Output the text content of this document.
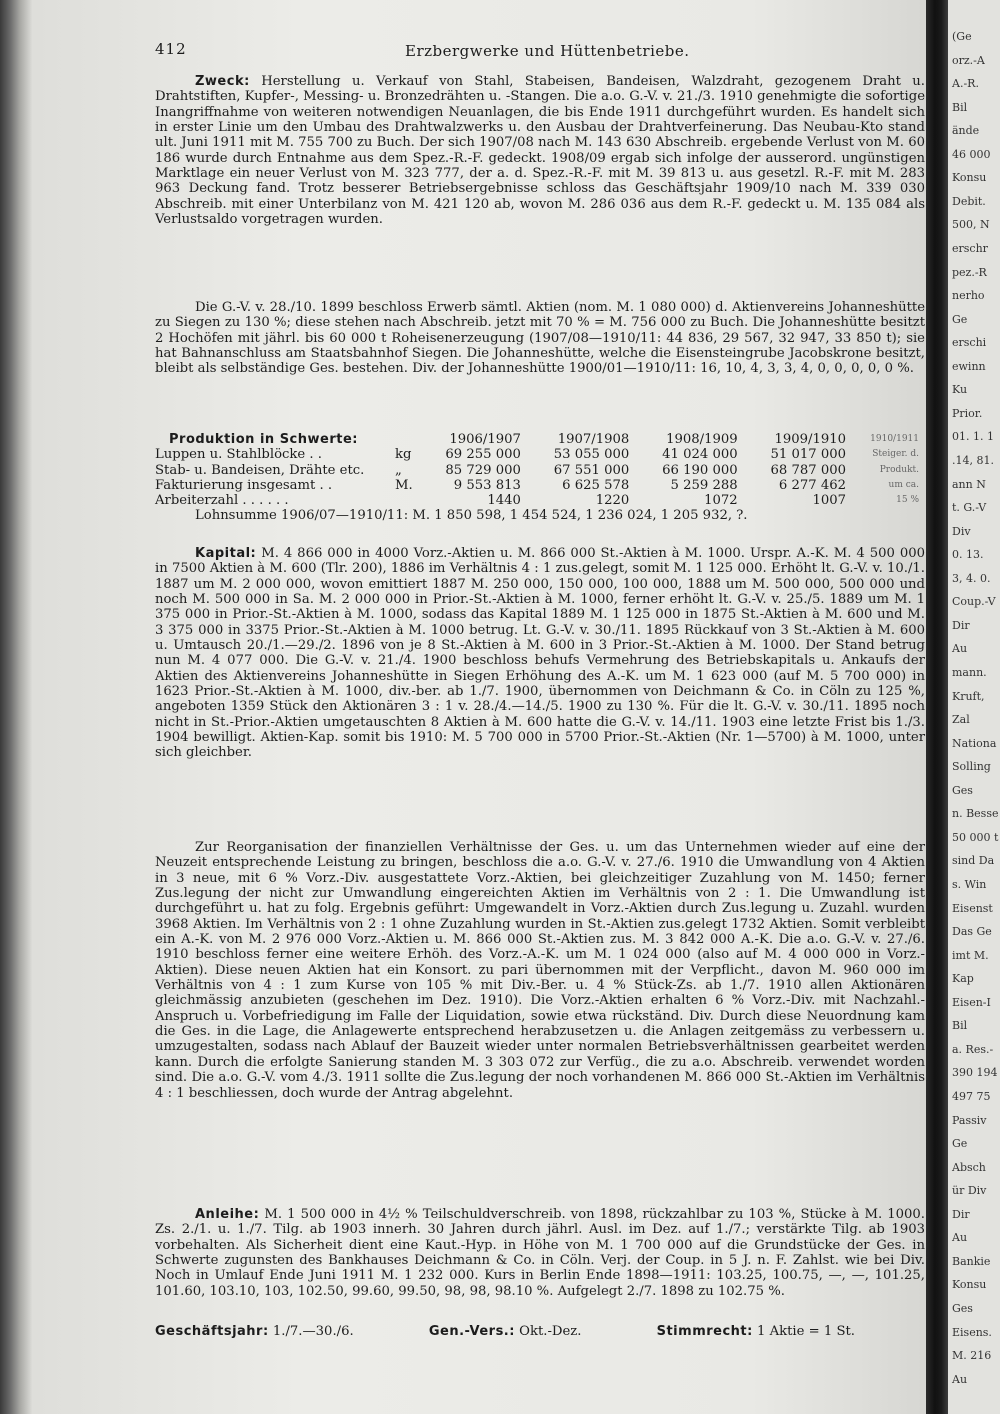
(Ge
orz.-A
A.-R.
Bil
ände
46 000
Konsu
Debit.
500, N
erschr
pez.-R
nerho
Ge
erschi
ewinn
Ku
Prior.
01. 1. 1
.14, 81.
ann N
t. G.-V
Div
0. 13.
3, 4. 0.
Coup.-V
Dir
Au
mann.
Kruft,
Zal
Nationa
Solling
Ges
n. Besse
50 000 t
sind Da
s. Win
Eisenst
Das Ge
imt M.
Kap
Eisen-I
Bil
a. Res.-
390 194
497 75
Passiv
Ge
Absch
ür Div
Dir
Au
Bankie
Konsu
Ges
Eisens.
M. 216
Au
412	Erzbergwerke und Hüttenbetriebe.

Zweck: Herstellung u. Verkauf von Stahl, Stabeisen, Bandeisen, Walzdraht, gezogenem Draht u. Drahtstiften, Kupfer-, Messing- u. Bronzedrähten u. -Stangen. Die a.o. G.-V. v. 21./3. 1910 genehmigte die sofortige Inangriffnahme von weiteren notwendigen Neuanlagen, die bis Ende 1911 durchgeführt wurden. Es handelt sich in erster Linie um den Umbau des Drahtwalzwerks u. den Ausbau der Drahtverfeinerung. Das Neubau-Kto stand ult. Juni 1911 mit M. 755 700 zu Buch. Der sich 1907/08 nach M. 143 630 Abschreib. ergebende Verlust von M. 60 186 wurde durch Entnahme aus dem Spez.-R.-F. gedeckt. 1908/09 ergab sich infolge der ausserord. ungünstigen Marktlage ein neuer Verlust von M. 323 777, der a. d. Spez.-R.-F. mit M. 39 813 u. aus gesetzl. R.-F. mit M. 283 963 Deckung fand. Trotz besserer Betriebsergebnisse schloss das Geschäftsjahr 1909/10 nach M. 339 030 Abschreib. mit einer Unterbilanz von M. 421 120 ab, wovon M. 286 036 aus dem R.-F. gedeckt u. M. 135 084 als Verlustsaldo vorgetragen wurden.

Die G.-V. v. 28./10. 1899 beschloss Erwerb sämtl. Aktien (nom. M. 1 080 000) d. Aktienvereins Johanneshütte zu Siegen zu 130 %; diese stehen nach Abschreib. jetzt mit 70 % = M. 756 000 zu Buch. Die Johanneshütte besitzt 2 Hochöfen mit jährl. bis 60 000 t Roheisenerzeugung (1907/08—1910/11: 44 836, 29 567, 32 947, 33 850 t); sie hat Bahnanschluss am Staatsbahnhof Siegen. Die Johanneshütte, welche die Eisensteingrube Jacobskrone besitzt, bleibt als selbständige Ges. bestehen. Div. der Johanneshütte 1900/01—1910/11: 16, 10, 4, 3, 3, 4, 0, 0, 0, 0, 0 %.

Produktion in Schwerte:		1906/1907	1907/1908	1908/1909	1909/1910	1910/1911
Luppen u. Stahlblöcke . .	kg	69 255 000	53 055 000	41 024 000	51 017 000	Steiger. d.
Stab- u. Bandeisen, Drähte etc.	„	85 729 000	67 551 000	66 190 000	68 787 000	Produkt.
Fakturierung insgesamt . .	M.	9 553 813	6 625 578	5 259 288	6 277 462	um ca.
Arbeiterzahl . . . . . .		1440	1220	1072	1007	15 %

Lohnsumme 1906/07—1910/11: M. 1 850 598, 1 454 524, 1 236 024, 1 205 932, ?.

Kapital: M. 4 866 000 in 4000 Vorz.-Aktien u. M. 866 000 St.-Aktien à M. 1000. Urspr. A.-K. M. 4 500 000 in 7500 Aktien à M. 600 (Tlr. 200), 1886 im Verhältnis 4 : 1 zus.gelegt, somit M. 1 125 000. Erhöht lt. G.-V. v. 10./1. 1887 um M. 2 000 000, wovon emittiert 1887 M. 250 000, 150 000, 100 000, 1888 um M. 500 000, 500 000 und noch M. 500 000 in Sa. M. 2 000 000 in Prior.-St.-Aktien à M. 1000, ferner erhöht lt. G.-V. v. 25./5. 1889 um M. 1 375 000 in Prior.-St.-Aktien à M. 1000, sodass das Kapital 1889 M. 1 125 000 in 1875 St.-Aktien à M. 600 und M. 3 375 000 in 3375 Prior.-St.-Aktien à M. 1000 betrug. Lt. G.-V. v. 30./11. 1895 Rückkauf von 3 St.-Aktien à M. 600 u. Umtausch 20./1.—29./2. 1896 von je 8 St.-Aktien à M. 600 in 3 Prior.-St.-Aktien à M. 1000. Der Stand betrug nun M. 4 077 000. Die G.-V. v. 21./4. 1900 beschloss behufs Vermehrung des Betriebskapitals u. Ankaufs der Aktien des Aktienvereins Johanneshütte in Siegen Erhöhung des A.-K. um M. 1 623 000 (auf M. 5 700 000) in 1623 Prior.-St.-Aktien à M. 1000, div.-ber. ab 1./7. 1900, übernommen von Deichmann & Co. in Cöln zu 125 %, angeboten 1359 Stück den Aktionären 3 : 1 v. 28./4.—14./5. 1900 zu 130 %. Für die lt. G.-V. v. 30./11. 1895 noch nicht in St.-Prior.-Aktien umgetauschten 8 Aktien à M. 600 hatte die G.-V. v. 14./11. 1903 eine letzte Frist bis 1./3. 1904 bewilligt. Aktien-Kap. somit bis 1910: M. 5 700 000 in 5700 Prior.-St.-Aktien (Nr. 1—5700) à M. 1000, unter sich gleichber.

Zur Reorganisation der finanziellen Verhältnisse der Ges. u. um das Unternehmen wieder auf eine der Neuzeit entsprechende Leistung zu bringen, beschloss die a.o. G.-V. v. 27./6. 1910 die Umwandlung von 4 Aktien in 3 neue, mit 6 % Vorz.-Div. ausgestattete Vorz.-Aktien, bei gleichzeitiger Zuzahlung von M. 1450; ferner Zus.legung der nicht zur Umwandlung eingereichten Aktien im Verhältnis von 2 : 1. Die Umwandlung ist durchgeführt u. hat zu folg. Ergebnis geführt: Umgewandelt in Vorz.-Aktien durch Zus.legung u. Zuzahl. wurden 3968 Aktien. Im Verhältnis von 2 : 1 ohne Zuzahlung wurden in St.-Aktien zus.gelegt 1732 Aktien. Somit verbleibt ein A.-K. von M. 2 976 000 Vorz.-Aktien u. M. 866 000 St.-Aktien zus. M. 3 842 000 A.-K. Die a.o. G.-V. v. 27./6. 1910 beschloss ferner eine weitere Erhöh. des Vorz.-A.-K. um M. 1 024 000 (also auf M. 4 000 000 in Vorz.-Aktien). Diese neuen Aktien hat ein Konsort. zu pari übernommen mit der Verpflicht., davon M. 960 000 im Verhältnis von 4 : 1 zum Kurse von 105 % mit Div.-Ber. u. 4 % Stück-Zs. ab 1./7. 1910 allen Aktionären gleichmässig anzubieten (geschehen im Dez. 1910). Die Vorz.-Aktien erhalten 6 % Vorz.-Div. mit Nachzahl.-Anspruch u. Vorbefriedigung im Falle der Liquidation, sowie etwa rückständ. Div. Durch diese Neuordnung kam die Ges. in die Lage, die Anlagewerte entsprechend herabzusetzen u. die Anlagen zeitgemäss zu verbessern u. umzugestalten, sodass nach Ablauf der Bauzeit wieder unter normalen Betriebsverhältnissen gearbeitet werden kann. Durch die erfolgte Sanierung standen M. 3 303 072 zur Verfüg., die zu a.o. Abschreib. verwendet worden sind. Die a.o. G.-V. vom 4./3. 1911 sollte die Zus.legung der noch vorhandenen M. 866 000 St.-Aktien im Verhältnis 4 : 1 beschliessen, doch wurde der Antrag abgelehnt.

Anleihe: M. 1 500 000 in 4½ % Teilschuldverschreib. von 1898, rückzahlbar zu 103 %, Stücke à M. 1000. Zs. 2./1. u. 1./7. Tilg. ab 1903 innerh. 30 Jahren durch jährl. Ausl. im Dez. auf 1./7.; verstärkte Tilg. ab 1903 vorbehalten. Als Sicherheit dient eine Kaut.-Hyp. in Höhe von M. 1 700 000 auf die Grundstücke der Ges. in Schwerte zugunsten des Bankhauses Deichmann & Co. in Cöln. Verj. der Coup. in 5 J. n. F. Zahlst. wie bei Div. Noch in Umlauf Ende Juni 1911 M. 1 232 000. Kurs in Berlin Ende 1898—1911: 103.25, 100.75, —, —, 101.25, 101.60, 103.10, 103, 102.50, 99.60, 99.50, 98, 98, 98.10 %. Aufgelegt 2./7. 1898 zu 102.75 %.

Geschäftsjahr: 1./7.—30./6.	Gen.-Vers.: Okt.-Dez.	Stimmrecht: 1 Aktie = 1 St.
